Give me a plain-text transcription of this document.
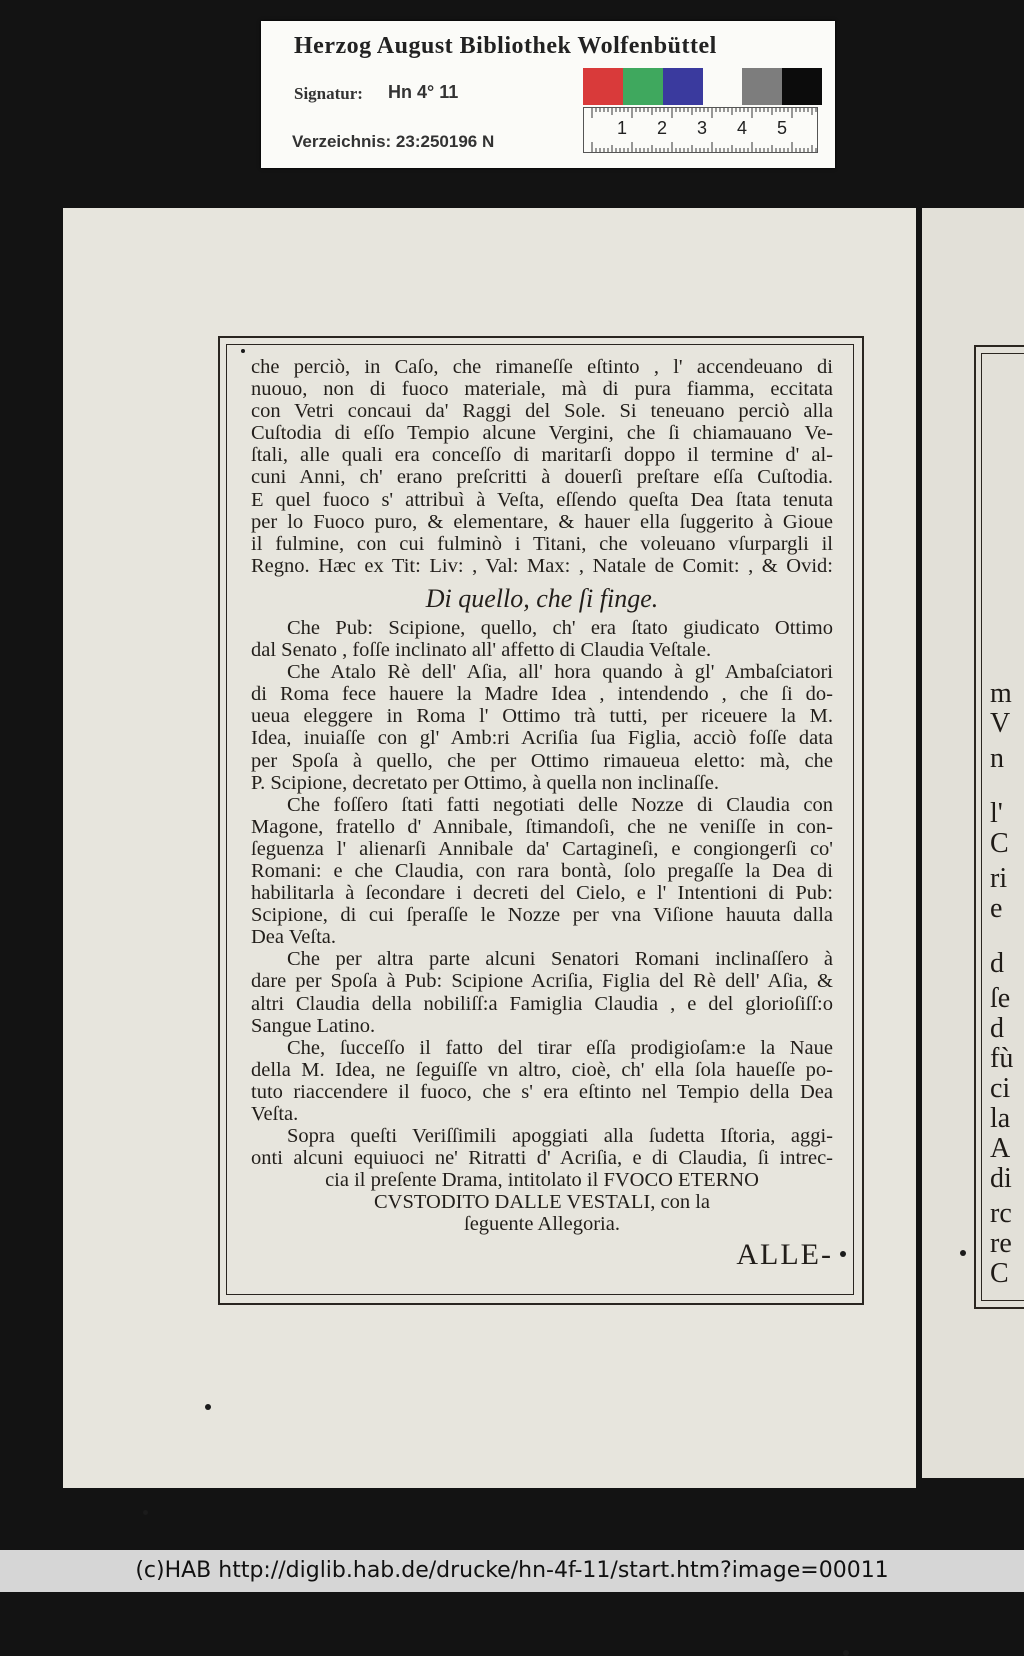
Herzog August Bibliothek Wolfenbüttel
Signatur: Hn 4° 11
Verzeichnis: 23:250196 N
1 2 3 4 5
che perciò, in Caſo, che rimaneſſe eſtinto , l' accendeuano di
nuouo, non di fuoco materiale, mà di pura fiamma, eccitata
con Vetri concaui da' Raggi del Sole. Si teneuano perciò alla
Cuſtodia di eſſo Tempio alcune Vergini, che ſi chiamauano Ve-
ſtali, alle quali era conceſſo di maritarſi doppo il termine d' al-
cuni Anni, ch' erano preſcritti à douerſi preſtare eſſa Cuſtodia.
E quel fuoco s' attribuì à Veſta, eſſendo queſta Dea ſtata tenuta
per lo Fuoco puro, & elementare, & hauer ella ſuggerito à Gioue
il fulmine, con cui fulminò i Titani, che voleuano vſurpargli il
Regno. Hæc ex Tit: Liv: , Val: Max: , Natale de Comit: , & Ovid:
Di quello, che ſi finge.
Che Pub: Scipione, quello, ch' era ſtato giudicato Ottimo
dal Senato , foſſe inclinato all' affetto di Claudia Veſtale.
Che Atalo Rè dell' Aſia, all' hora quando à gl' Ambaſciatori
di Roma fece hauere la Madre Idea , intendendo , che ſi do-
ueua eleggere in Roma l' Ottimo trà tutti, per riceuere la M.
Idea, inuiaſſe con gl' Amb:ri Acriſia ſua Figlia, acciò foſſe data
per Spoſa à quello, che per Ottimo rimaueua eletto: mà, che
P. Scipione, decretato per Ottimo, à quella non inclinaſſe.
Che foſſero ſtati fatti negotiati delle Nozze di Claudia con
Magone, fratello d' Annibale, ſtimandoſi, che ne veniſſe in con-
ſeguenza l' alienarſi Annibale da' Cartagineſi, e congiongerſi co'
Romani: e che Claudia, con rara bontà, ſolo pregaſſe la Dea di
habilitarla à ſecondare i decreti del Cielo, e l' Intentioni di Pub:
Scipione, di cui ſperaſſe le Nozze per vna Viſione hauuta dalla
Dea Veſta.
Che per altra parte alcuni Senatori Romani inclinaſſero à
dare per Spoſa à Pub: Scipione Acriſia, Figlia del Rè dell' Aſia, &
altri Claudia della nobiliſſ:a Famiglia Claudia , e del glorioſiſſ:o
Sangue Latino.
Che, ſucceſſo il fatto del tirar eſſa prodigioſam:e la Naue
della M. Idea, ne ſeguiſſe vn altro, cioè, ch' ella ſola haueſſe po-
tuto riaccendere il fuoco, che s' era eſtinto nel Tempio della Dea
Veſta.
Sopra queſti Veriſſimili apoggiati alla ſudetta Iſtoria, aggi-
onti alcuni equiuoci ne' Ritratti d' Acriſia, e di Claudia, ſi intrec-
cia il preſente Drama, intitolato il FVOCO ETERNO
CVSTODITO DALLE VESTALI, con la
ſeguente Allegoria.
ALLE-
m
V
n
l'
C
ri
e
d
ſe
d
fù
ci
la
A
di
rc
re
C
(c)HAB http://diglib.hab.de/drucke/hn-4f-11/start.htm?image=00011
